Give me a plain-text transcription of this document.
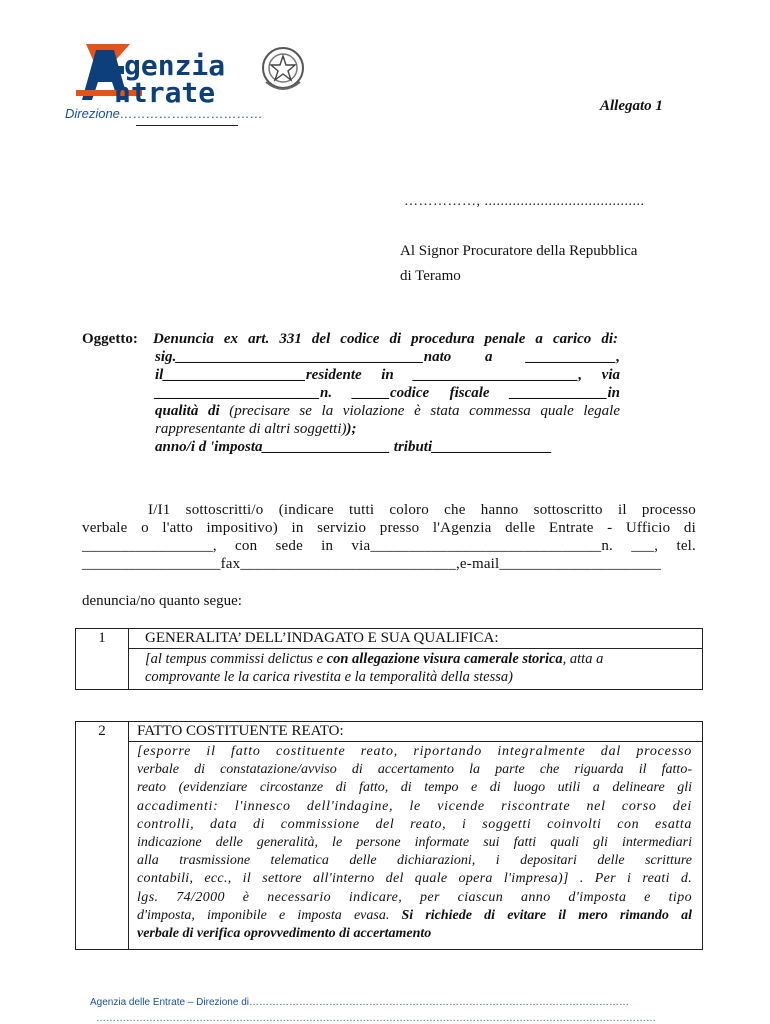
genzia
ntrate
Direzione……………………………	Allegato 1
……………, ........................................
Al Signor Procuratore della Repubblica
di Teramo
Oggetto: Denuncia ex art. 331 del codice di procedura penale a carico di:
sig._________________________________nato a ____________,
il___________________residente in ______________________, via
______________________n. _____codice fiscale _____________in
qualità di (precisare se la violazione è stata commessa quale legale
rappresentante di altri soggetti));
anno/i d 'imposta_________________ tributi________________
I/I1 sottoscritti/o (indicare tutti coloro che hanno sottoscritto il processo
verbale o l'atto impositivo) in servizio presso l'Agenzia delle Entrate - Ufficio di
_________________, con sede in via______________________________n. ___, tel.
__________________fax____________________________,e-mail_____________________
denuncia/no quanto segue:
1	GENERALITA’ DELL’INDAGATO E SUA QUALIFICA:
[al tempus commissi delictus e con allegazione visura camerale storica, atta a
comprovante le la carica rivestita e la temporalità della stessa)
2	FATTO COSTITUENTE REATO:

[esporre il fatto costituente reato, riportando integralmente dal processo
verbale di constatazione/avviso di accertamento la parte che riguarda il fatto-
reato (evidenziare circostanze di fatto, di tempo e di luogo utili a delineare gli
accadimenti: l'innesco dell'indagine, le vicende riscontrate nel corso dei
controlli, data di commissione del reato, i soggetti coinvolti con esatta
indicazione delle generalità, le persone informate sui fatti quali gli intermediari
alla trasmissione telematica delle dichiarazioni, i depositari delle scritture
contabili, ecc., il settore all'interno del quale opera l'impresa)] . Per i reati d.
lgs. 74/2000 è necessario indicare, per ciascun anno d'imposta e tipo
d'imposta, imponibile e imposta evasa. Si richiede di evitare il mero rimando al
verbale di verifica oprovvedimento di accertamento
Agenzia delle Entrate – Direzione di……………………………………………………………………………………………………
……………………………………………………………………………………………………………………………………………………
